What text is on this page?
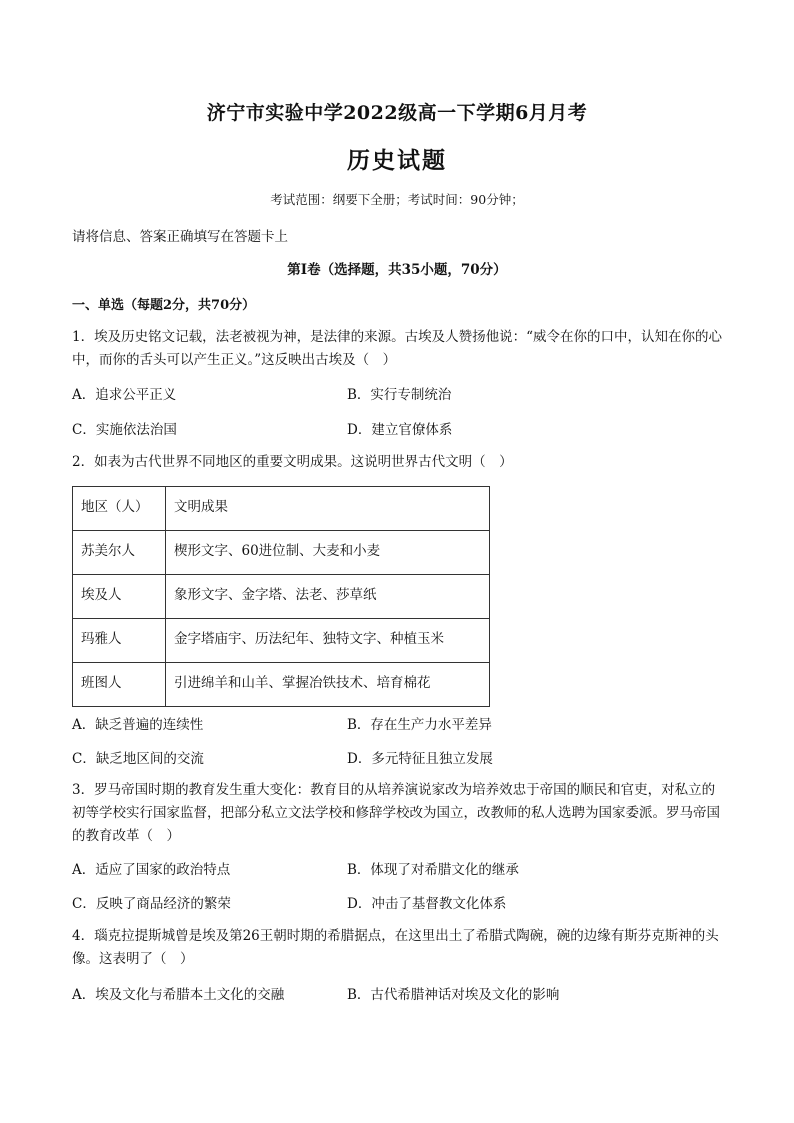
济宁市实验中学2022级高一下学期6月月考
历史试题
考试范围：纲要下全册；考试时间：90分钟；
请将信息、答案正确填写在答题卡上
第Ⅰ卷（选择题，共35小题，70分）
一、单选（每题2分，共70分）
1．埃及历史铭文记载，法老被视为神，是法律的来源。古埃及人赞扬他说：“威令在你的口中，认知在你的心中，而你的舌头可以产生正义。”这反映出古埃及（　）
A．追求公平正义	B．实行专制统治
C．实施依法治国	D．建立官僚体系
2．如表为古代世界不同地区的重要文明成果。这说明世界古代文明（　）
地区（人）	文明成果
苏美尔人	楔形文字、60进位制、大麦和小麦
埃及人	象形文字、金字塔、法老、莎草纸
玛雅人	金字塔庙宇、历法纪年、独特文字、种植玉米
班图人	引进绵羊和山羊、掌握冶铁技术、培育棉花
A．缺乏普遍的连续性	B．存在生产力水平差异
C．缺乏地区间的交流	D．多元特征且独立发展
3．罗马帝国时期的教育发生重大变化：教育目的从培养演说家改为培养效忠于帝国的顺民和官吏，对私立的初等学校实行国家监督，把部分私立文法学校和修辞学校改为国立，改教师的私人选聘为国家委派。罗马帝国的教育改革（　）
A．适应了国家的政治特点	B．体现了对希腊文化的继承
C．反映了商品经济的繁荣	D．冲击了基督教文化体系
4．瑙克拉提斯城曾是埃及第26王朝时期的希腊据点，在这里出土了希腊式陶碗，碗的边缘有斯芬克斯神的头像。这表明了（　）
A．埃及文化与希腊本土文化的交融	B．古代希腊神话对埃及文化的影响
